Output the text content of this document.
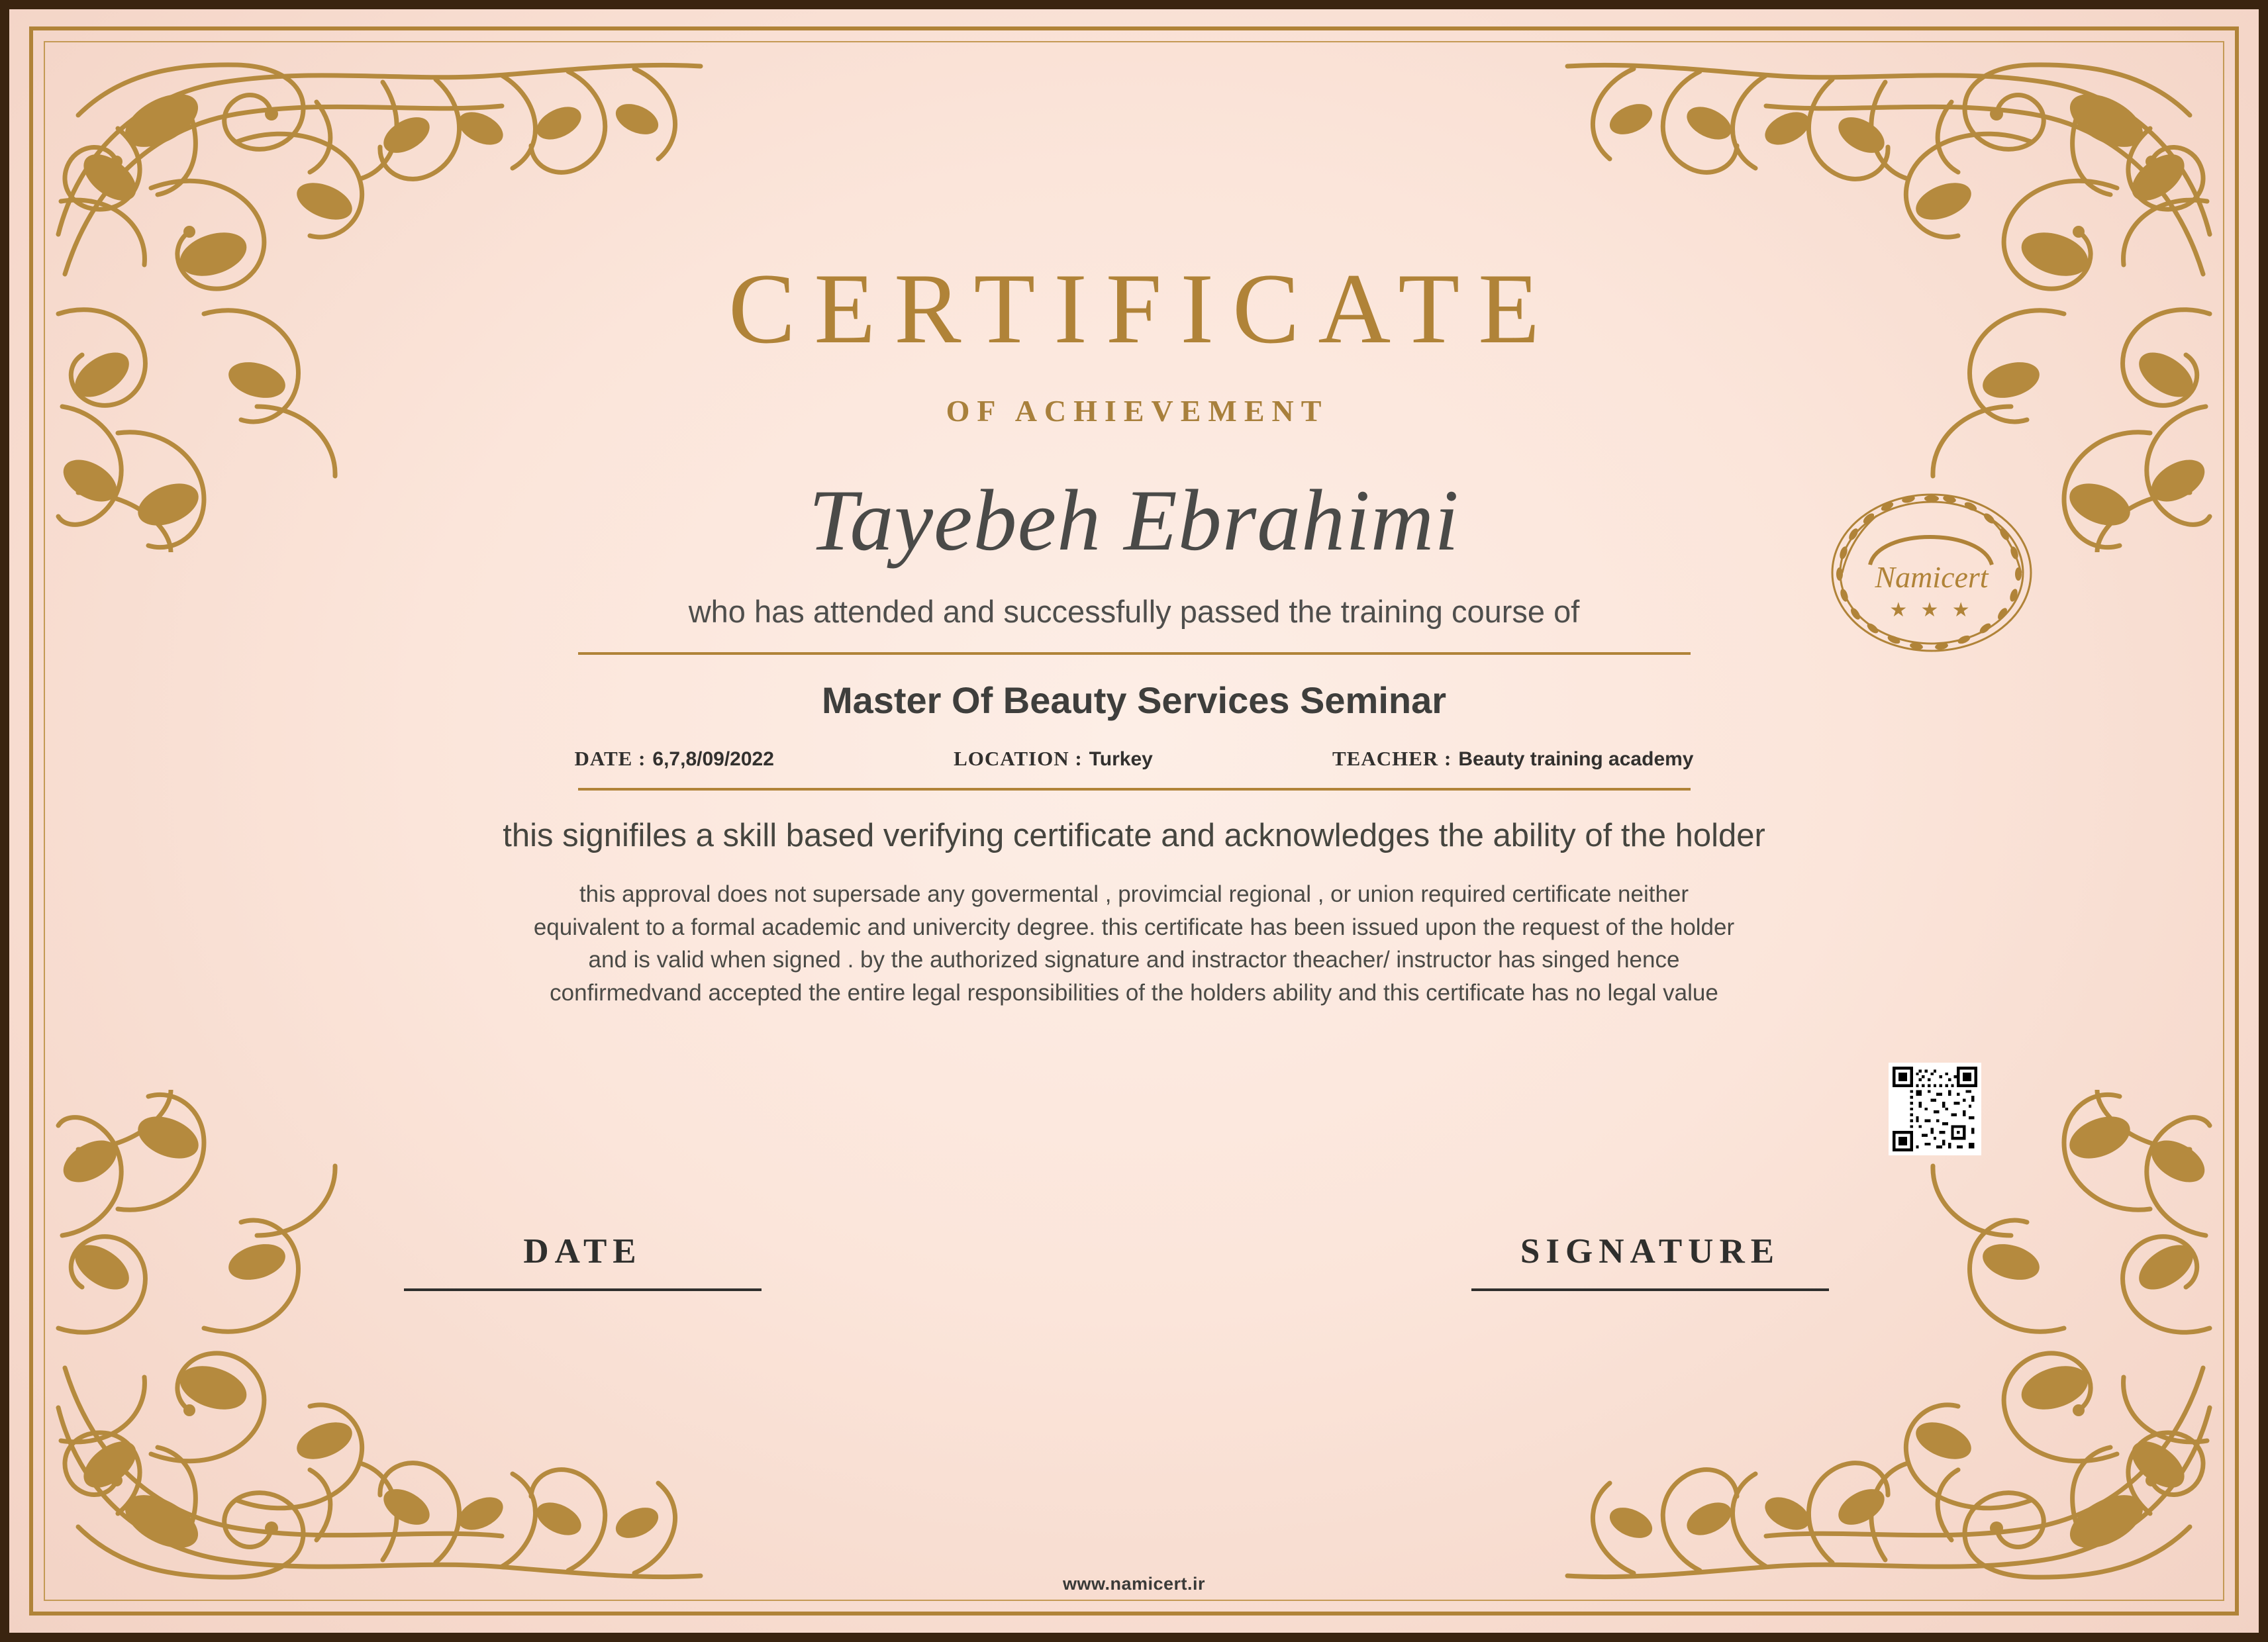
CERTIFICATE
OF ACHIEVEMENT
Tayebeh Ebrahimi
who has attended and successfully passed the training course of
Master Of Beauty Services Seminar
DATE : 6,7,8/09/2022	LOCATION : Turkey	TEACHER : Beauty training academy
this signifiles a skill based verifying certificate and acknowledges the ability of the holder
this approval does not supersade any govermental , provimcial regional , or union required certificate neither equivalent to a formal academic and univercity degree. this certificate has been issued upon the request of the holder and is valid when signed . by the authorized signature and instractor theacher/ instructor has singed hence confirmedvand accepted the entire legal responsibilities of the holders ability and this certificate has no legal value
Namicert
★ ★ ★
DATE	SIGNATURE
www.namicert.ir
